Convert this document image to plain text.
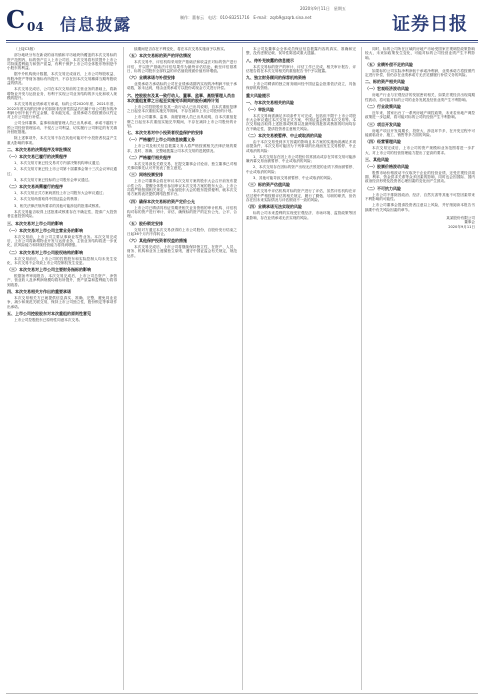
C 04 信息披露
2020年9月11日　星期五
制作：董春云　电话：010-83251716　E-mail：zqrb9@zqrb.sina.net	证券日报

（上接C3版）

部分地块分布在新设的前坊镇和平坊地块所覆盖的本次交易标的资产范围内，标的资产注入上市公司后，本次交易将有效提升上市公司持续盈利能力和资产质量，有利于保护上市公司全体股东特别是中小股东的利益。

据中介机构统计数据，本次交易完成前后，上市公司每股收益、每股净资产等财务指标有所提升，不存在因本次交易摊薄当期每股收益的情况。

本次交易完成后，公司在本次交易前的主营业务的基础上，将新增物业开发与运营业务，有利于实现公司业务结构的多元化和收入规模的提升。

本次交易的业绩承诺方承诺，标的公司2020年度、2021年度、2022年度实现的经审计的扣除非经常性损益后归属于母公司股东的净利润分别不低于约定金额，若未能完成，业绩承诺方将按照协议约定对上市公司进行补偿。

公司全体董事、监事和高级管理人员已出具承诺，承诺不越权干预公司经营管理活动，不侵占公司利益，切实履行公司制定的有关填补回报措施。

除上述事项外，本次交易不存在其他可能对中小投资者权益产生重大影响的事项。

二、本次交易的决策程序及审批情况
（一）本次交易已履行的决策程序

1、本次交易方案已经交易对方内部决策机构审议通过；

2、本次交易方案已经上市公司第十届董事会第十三次会议审议通过；

3、本次交易方案已经标的公司股东会审议通过。

（二）本次交易尚需履行的程序

1、本次交易正式方案尚需经上市公司股东大会审议通过；

2、本次交易尚需取得中国证监会的核准；

3、相关法律法规所要求的其他可能涉及的批准或核准。

本次交易能否取得上述批准或核准存在不确定性，提请广大投资者注意投资风险。

三、本次交易对上市公司的影响
（一）本次交易对上市公司主营业务的影响

本次交易前，上市公司主要从事商业零售业务。本次交易完成后，上市公司将新增物业开发与运营业务，主营业务结构将进一步优化，抗风险能力和持续经营能力将得到增强。

（二）本次交易对上市公司股权结构的影响

本次交易前后，上市公司的控股股东和实际控制人均未发生变化，本次交易不会导致上市公司控制权发生变更。

（三）本次交易对上市公司主要财务指标的影响

根据备考审阅报告，本次交易完成后，上市公司总资产、净资产、营业收入及净利润规模均将有所提升，资产质量和盈利能力将得到改善。

四、本次交易相关方作出的重要承诺

本次交易相关方已就提供信息真实、准确、完整，避免同业竞争，减少和规范关联交易，保持上市公司独立性，股份锁定等事项作出承诺。

五、上市公司控股股东对本次重组的原则性意见

上市公司控股股东已原则性同意本次交易。

续期间是否存在不利变化，将在本次交易实施前予以核实。

（五）本次交易标的资产的评估情况

本次交易中，评估机构采用资产基础法和收益法对标的资产进行评估，并以资产基础法评估结果作为最终评估结论。截至评估基准日，标的公司股东全部权益的评估值较账面价值有所增值。

（六）业绩承诺与补偿安排

业绩承诺方承诺标的公司在业绩承诺期内实现的净利润不低于承诺数，如未达到，则由业绩承诺方以股份或现金方式进行补偿。

六、控股股东及其一致行动人、董事、监事、高级管理人员自本次重组复牌之日起至实施完毕期间的股份减持计划

上市公司控股股东及其一致行动人已出具说明，自本次重组复牌之日起至本次重组实施完毕期间，不存在减持上市公司股份的计划。

上市公司董事、监事、高级管理人员已出具说明，自本次重组复牌之日起至本次重组实施完毕期间，不存在减持上市公司股份的计划。

七、本次交易对中小投资者权益保护的安排
（一）严格履行上市公司信息披露义务

上市公司及相关信息披露义务人将严格按照相关法律法规的要求，及时、准确、完整地披露公司本次交易的进展情况。

（二）严格履行相关程序

本次交易涉及关联交易，在提交董事会讨论前，独立董事已对相关事项事先认可并发表了独立意见。

（三）网络投票安排

上市公司董事会将在审议本次交易方案的股东大会召开前发布提示性公告，提醒全体股东参加审议本次交易方案的股东大会。上市公司将严格按照相关规定，为参加股东大会的股东提供便利，就本次交易方案的表决提供网络投票平台。

（四）确保本次交易标的资产定价公允

上市公司已聘请具有证券期货相关业务资格的审计机构、评估机构对标的资产进行审计、评估，确保标的资产的定价公允、公平、合理。

（五）股份锁定安排

交易对方通过本次交易获得的上市公司股份，自股份发行结束之日起36个月内不得转让。

（六）其他保护投资者权益的措施

本次交易完成后，上市公司将继续保持独立性，在资产、人员、财务、机构和业务上遵循独立原则，遵守中国证监会有关规定，规范运作。

本公司及董事会全体成员保证信息披露内容的真实、准确和完整，没有虚假记载、误导性陈述或重大遗漏。

八、待补充披露的信息提示

本次交易标的资产的审计、评估工作已完成，相关审计报告、评估报告将在本次交易相关的重组报告书中予以披露。

九、独立财务顾问的保荐机构资格

上市公司聘请的独立财务顾问经中国证监会批准依法设立，具备保荐机构资格。

重大风险提示
一、与本次交易相关的风险
（一）审批风险

本次交易尚需满足多项条件方可完成，包括但不限于上市公司股东大会审议通过本次交易正式方案、中国证监会核准本次交易等。本次交易能否取得上述批准或核准以及最终取得批准或核准的时间均存在不确定性，提请投资者注意相关风险。

（二）本次交易被暂停、中止或取消的风险

由于本次交易受到多方因素的影响且本方案的实施尚须满足多项前提条件，本次交易可能因为下列事项的出现而发生交易暂停、中止或取消的风险：

1、本次交易存在因上市公司股价异常波动或存在异常交易可能涉嫌内幕交易而被暂停、中止或取消的风险；

2、本次交易存在因标的资产出现无法预见的业绩下滑而被暂停、中止或取消的风险；

3、其他可能导致交易被暂停、中止或取消的风险。

（三）标的资产估值风险

本次交易中评估机构对标的资产进行了评估，虽然评估机构在评估过程中严格按照评估的相关规定，履行了勤勉、尽职的职责，但仍存在因未来实际情况与评估假设不一致的风险。

（四）业绩承诺无法实现的风险

标的公司未来盈利的实现受宏观经济、市场环境、监管政策等因素影响，存在业绩承诺无法实现的风险。

同时，标的公司所在区域的房地产市场受国家宏观调控政策影响较大，未来如政策发生变化，可能对标的公司经营业绩产生不利影响。

（五）业绩补偿不足的风险

如果标的公司实际净利润低于承诺净利润，业绩承诺方将按照约定进行补偿，但仍存在业绩承诺方无法足额履行补偿义务的风险。

二、标的资产相关风险
（一）宏观经济波动风险

房地产行业与宏观经济的发展密切相关，如果宏观经济出现周期性波动，将可能对标的公司的业务发展及经营业绩产生不利影响。

（二）行业政策风险

近年来，国家出台了一系列房地产调控政策，未来若房地产调控政策进一步趋紧，将可能对标的公司的经营产生不利影响。

（三）项目开发风险

房地产项目开发周期长、投资大，涉及环节多，在开发过程中可能面临设计、施工、销售等多方面的风险。

（四）经营管理风险

本次交易完成后，上市公司的资产规模和业务范围将进一步扩大，对上市公司的经营管理能力提出了更高的要求。

三、其他风险
（一）股票价格波动风险

股票市场价格波动不仅取决于企业的经营业绩，还受宏观经济周期、利率、资金供求关系等众多因素的影响，同时也会因国际、国内政治经济形势及投资者心理因素的变化而产生波动。

（二）不可抗力风险

上市公司不排除因政治、经济、自然灾害等其他不可控因素带来不利影响的可能性。

上市公司董事会提请投资者注意以上风险，并仔细阅读本报告书摘要中有关风险因素的章节。

某某股份有限公司
董事会
2020年9月11日
